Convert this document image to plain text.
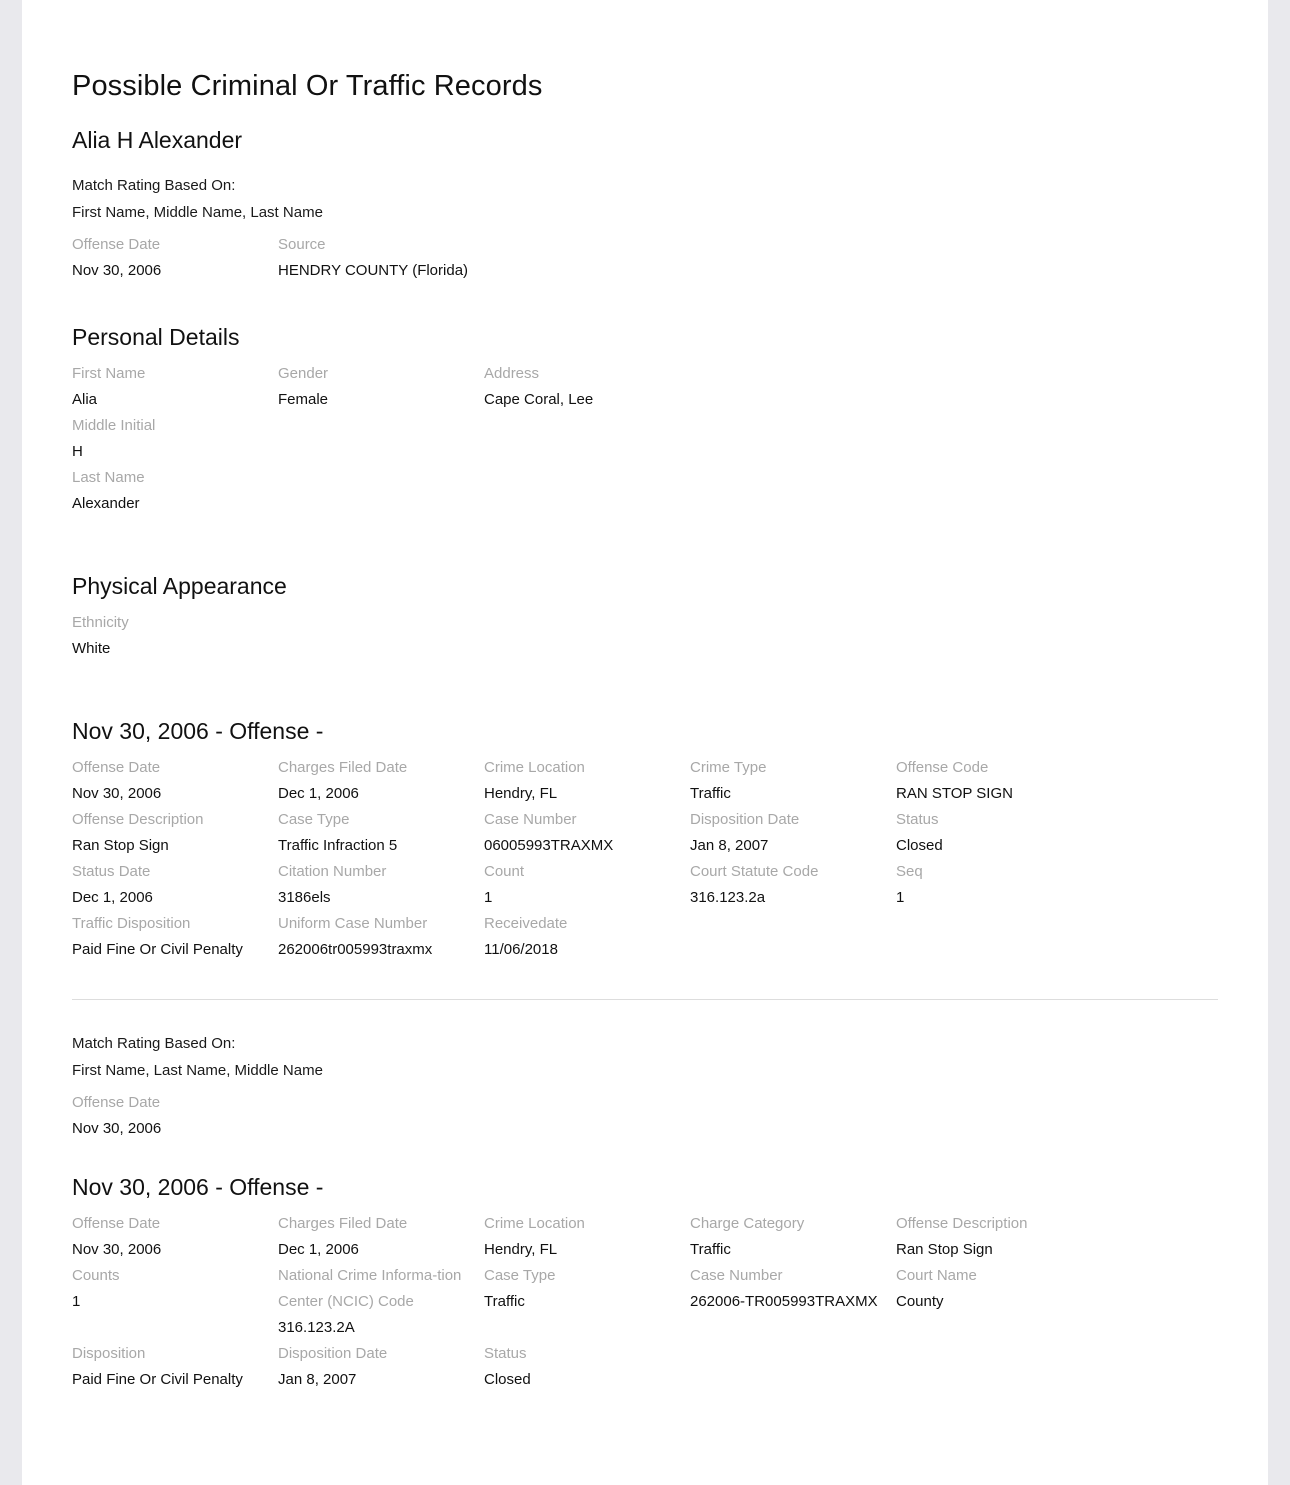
Possible Criminal Or Traffic Records
Alia H Alexander
Match Rating Based On:
First Name, Middle Name, Last Name
Offense Date
Nov 30, 2006
Source
HENDRY COUNTY (Florida)
Personal Details
First Name
Alia
Gender
Female
Address
Cape Coral, Lee
Middle Initial
H
Last Name
Alexander
Physical Appearance
Ethnicity
White
Nov 30, 2006 - Offense -
Offense Date
Nov 30, 2006
Charges Filed Date
Dec 1, 2006
Crime Location
Hendry, FL
Crime Type
Traffic
Offense Code
RAN STOP SIGN
Offense Description
Ran Stop Sign
Case Type
Traffic Infraction 5
Case Number
06005993TRAXMX
Disposition Date
Jan 8, 2007
Status
Closed
Status Date
Dec 1, 2006
Citation Number
3186els
Count
1
Court Statute Code
316.123.2a
Seq
1
Traffic Disposition
Paid Fine Or Civil Penalty
Uniform Case Number
262006tr005993traxmx
Receivedate
11/06/2018
Match Rating Based On:
First Name, Last Name, Middle Name
Offense Date
Nov 30, 2006
Nov 30, 2006 - Offense -
Offense Date
Nov 30, 2006
Charges Filed Date
Dec 1, 2006
Crime Location
Hendry, FL
Charge Category
Traffic
Offense Description
Ran Stop Sign
Counts
1
National Crime Informa-tion Center (NCIC) Code
316.123.2A
Case Type
Traffic
Case Number
262006-TR005993TRAXMX
Court Name
County
Disposition
Paid Fine Or Civil Penalty
Disposition Date
Jan 8, 2007
Status
Closed
